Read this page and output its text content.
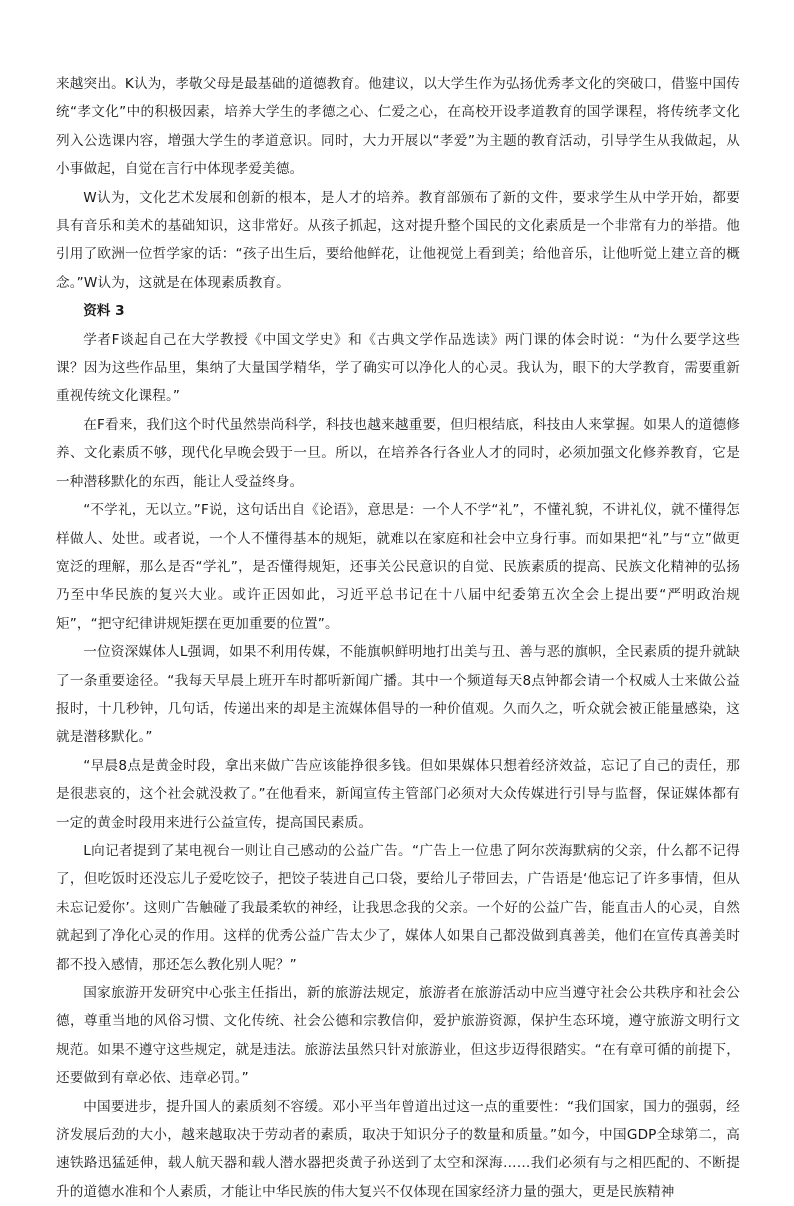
来越突出。K认为，孝敬父母是最基础的道德教育。他建议，以大学生作为弘扬优秀孝文化的突破口，借鉴中国传统“孝文化”中的积极因素，培养大学生的孝德之心、仁爱之心，在高校开设孝道教育的国学课程，将传统孝文化列入公选课内容，增强大学生的孝道意识。同时，大力开展以“孝爱”为主题的教育活动，引导学生从我做起，从小事做起，自觉在言行中体现孝爱美德。

W认为，文化艺术发展和创新的根本，是人才的培养。教育部颁布了新的文件，要求学生从中学开始，都要具有音乐和美术的基础知识，这非常好。从孩子抓起，这对提升整个国民的文化素质是一个非常有力的举措。他引用了欧洲一位哲学家的话：“孩子出生后，要给他鲜花，让他视觉上看到美；给他音乐，让他听觉上建立音的概念。”W认为，这就是在体现素质教育。

资料 3

学者F谈起自己在大学教授《中国文学史》和《古典文学作品选读》两门课的体会时说：“为什么要学这些课？因为这些作品里，集纳了大量国学精华，学了确实可以净化人的心灵。我认为，眼下的大学教育，需要重新重视传统文化课程。”

在F看来，我们这个时代虽然崇尚科学，科技也越来越重要，但归根结底，科技由人来掌握。如果人的道德修养、文化素质不够，现代化早晚会毁于一旦。所以，在培养各行各业人才的同时，必须加强文化修养教育，它是一种潜移默化的东西，能让人受益终身。

“不学礼，无以立。”F说，这句话出自《论语》，意思是：一个人不学“礼”，不懂礼貌，不讲礼仪，就不懂得怎样做人、处世。或者说，一个人不懂得基本的规矩，就难以在家庭和社会中立身行事。而如果把“礼”与“立”做更宽泛的理解，那么是否“学礼”，是否懂得规矩，还事关公民意识的自觉、民族素质的提高、民族文化精神的弘扬乃至中华民族的复兴大业。或许正因如此，习近平总书记在十八届中纪委第五次全会上提出要“严明政治规矩”，“把守纪律讲规矩摆在更加重要的位置”。

一位资深媒体人L强调，如果不利用传媒，不能旗帜鲜明地打出美与丑、善与恶的旗帜，全民素质的提升就缺了一条重要途径。“我每天早晨上班开车时都听新闻广播。其中一个频道每天8点钟都会请一个权威人士来做公益报时，十几秒钟，几句话，传递出来的却是主流媒体倡导的一种价值观。久而久之，听众就会被正能量感染，这就是潜移默化。”

“早晨8点是黄金时段，拿出来做广告应该能挣很多钱。但如果媒体只想着经济效益，忘记了自己的责任，那是很悲哀的，这个社会就没救了。”在他看来，新闻宣传主管部门必须对大众传媒进行引导与监督，保证媒体都有一定的黄金时段用来进行公益宣传，提高国民素质。

L向记者提到了某电视台一则让自己感动的公益广告。“广告上一位患了阿尔茨海默病的父亲，什么都不记得了，但吃饭时还没忘儿子爱吃饺子，把饺子装进自己口袋，要给儿子带回去，广告语是‘他忘记了许多事情，但从未忘记爱你’。这则广告触碰了我最柔软的神经，让我思念我的父亲。一个好的公益广告，能直击人的心灵，自然就起到了净化心灵的作用。这样的优秀公益广告太少了，媒体人如果自己都没做到真善美，他们在宣传真善美时都不投入感情，那还怎么教化别人呢？”

国家旅游开发研究中心张主任指出，新的旅游法规定，旅游者在旅游活动中应当遵守社会公共秩序和社会公德，尊重当地的风俗习惯、文化传统、社会公德和宗教信仰，爱护旅游资源，保护生态环境，遵守旅游文明行文规范。如果不遵守这些规定，就是违法。旅游法虽然只针对旅游业，但这步迈得很踏实。“在有章可循的前提下，还要做到有章必依、违章必罚。”

中国要进步，提升国人的素质刻不容缓。邓小平当年曾道出过这一点的重要性：“我们国家，国力的强弱，经济发展后劲的大小，越来越取决于劳动者的素质，取决于知识分子的数量和质量。”如今，中国GDP全球第二，高速铁路迅猛延伸，载人航天器和载人潜水器把炎黄子孙送到了太空和深海……我们必须有与之相匹配的、不断提升的道德水准和个人素质，才能让中华民族的伟大复兴不仅体现在国家经济力量的强大，更是民族精神
